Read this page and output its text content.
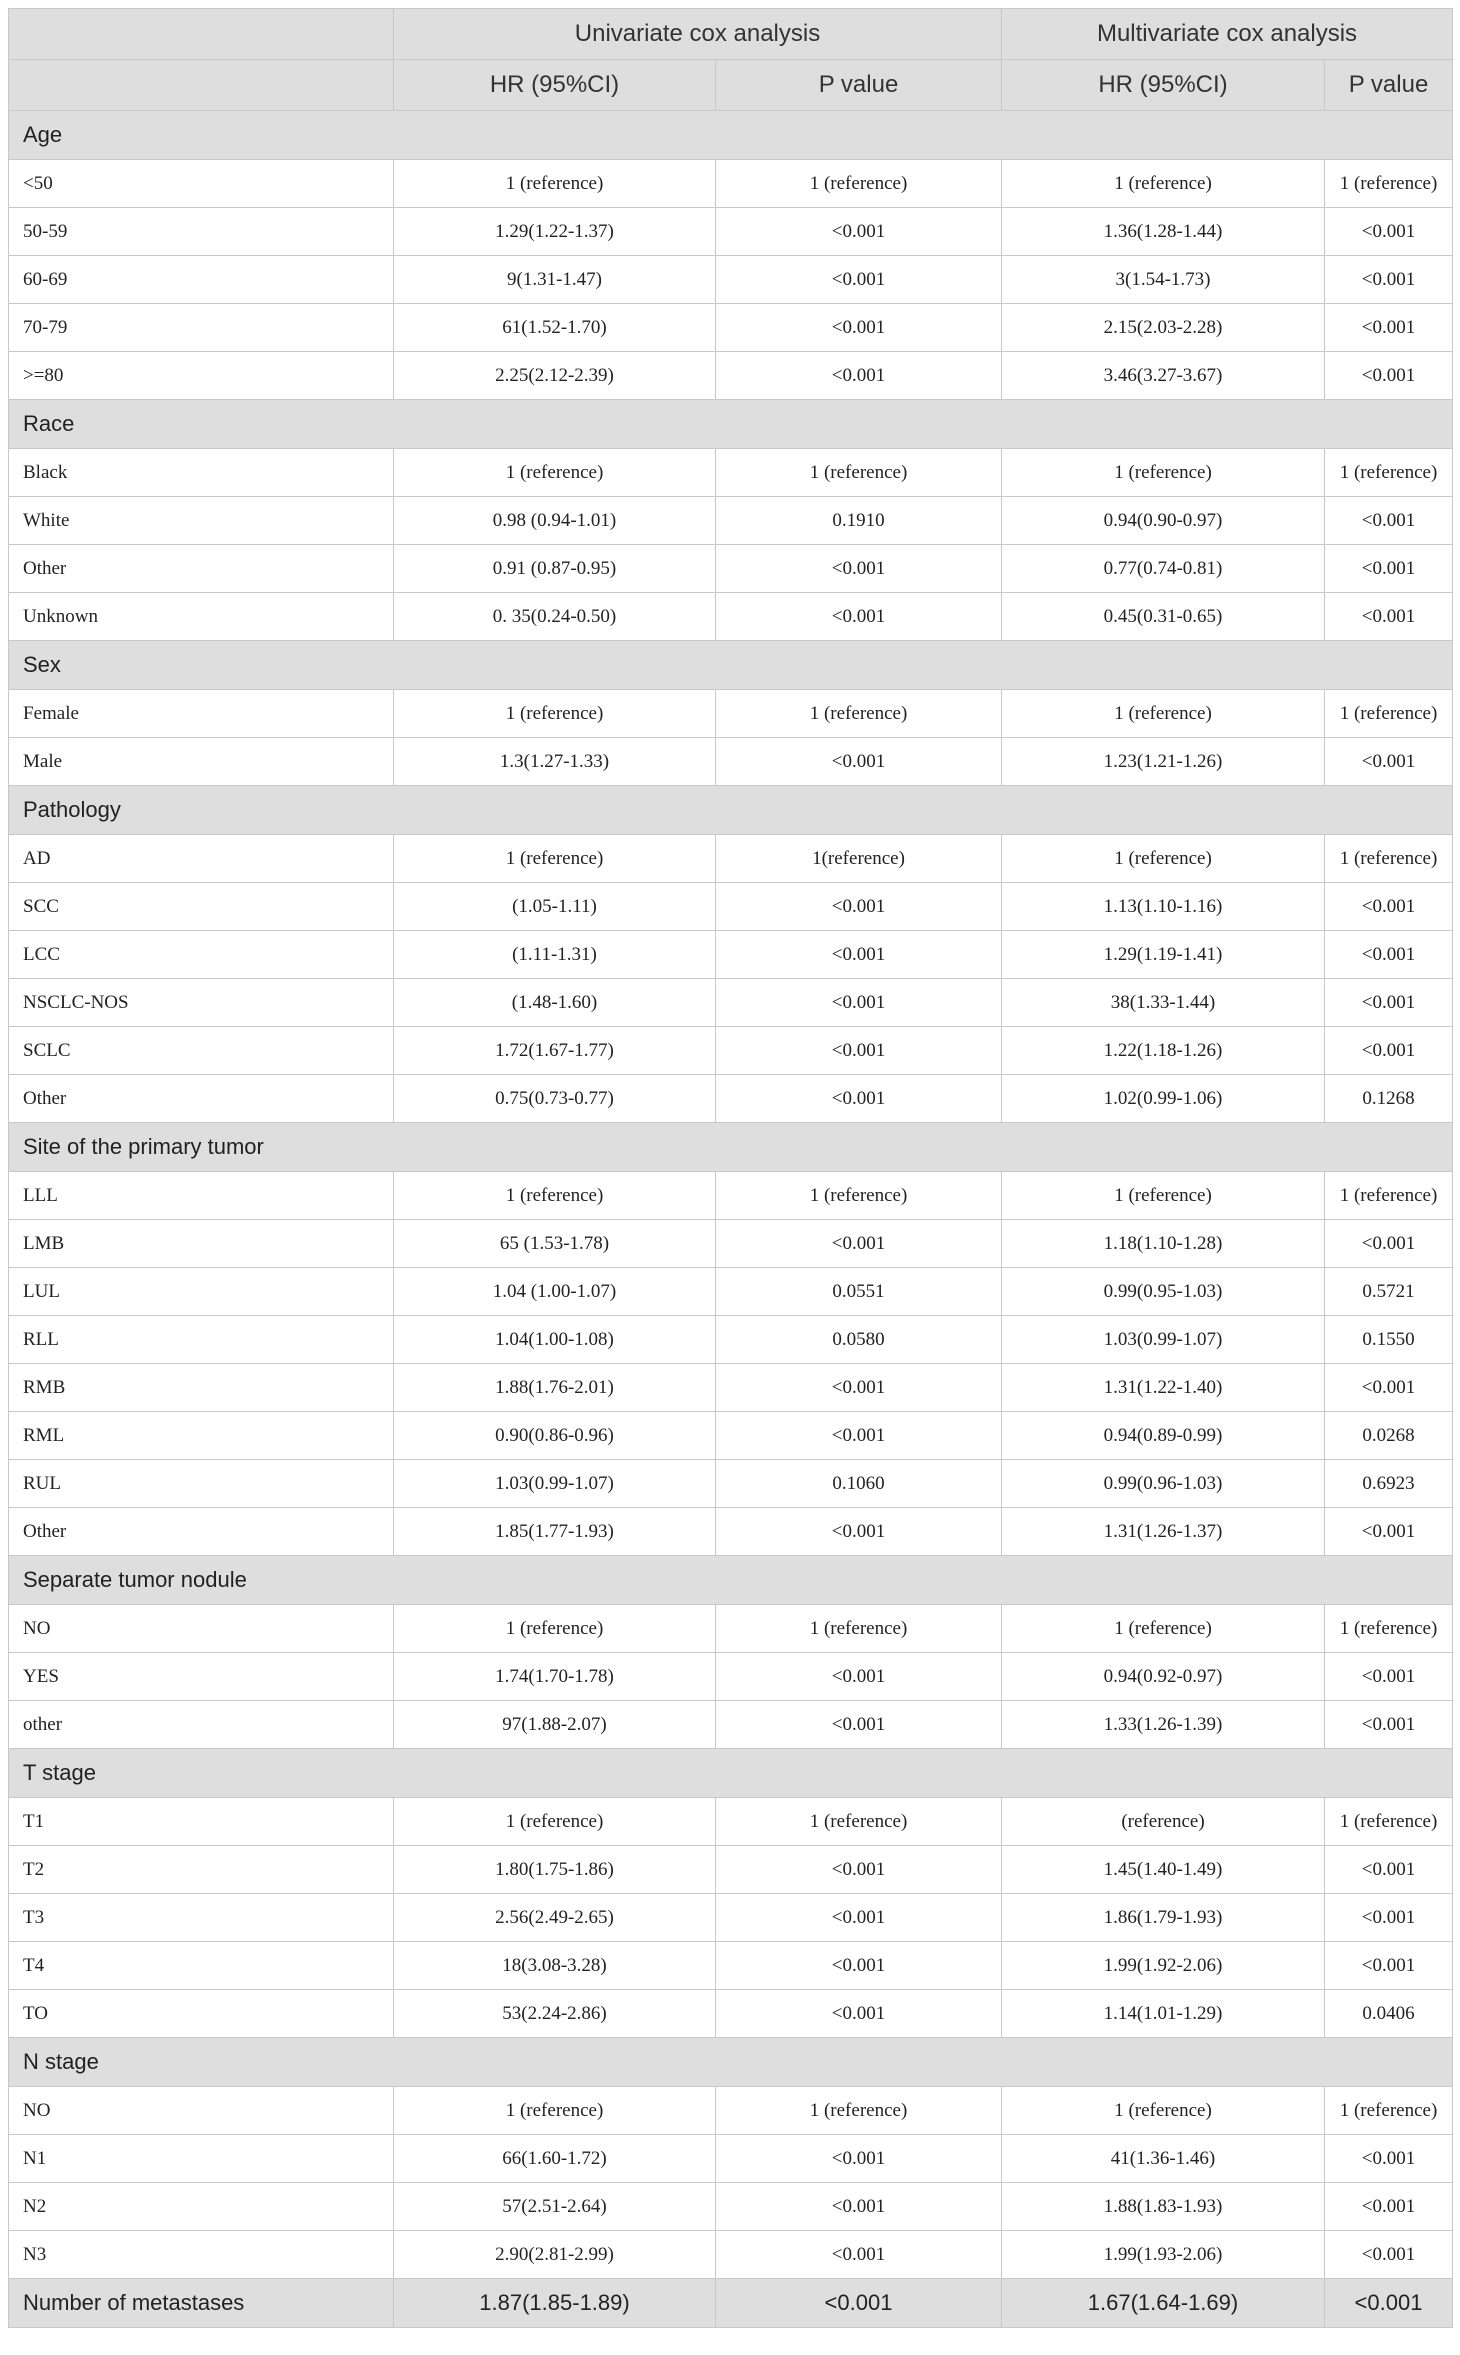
	Univariate cox analysis		Multivariate cox analysis	
	HR (95%CI)	P value	HR (95%CI)	P value
Age				
<50	1 (reference)	1 (reference)	1 (reference)	1 (reference)
50-59	1.29(1.22-1.37)	<0.001	1.36(1.28-1.44)	<0.001
60-69	9(1.31-1.47)	<0.001	3(1.54-1.73)	<0.001
70-79	61(1.52-1.70)	<0.001	2.15(2.03-2.28)	<0.001
>=80	2.25(2.12-2.39)	<0.001	3.46(3.27-3.67)	<0.001
Race				
Black	1 (reference)	1 (reference)	1 (reference)	1 (reference)
White	0.98 (0.94-1.01)	0.1910	0.94(0.90-0.97)	<0.001
Other	0.91 (0.87-0.95)	<0.001	0.77(0.74-0.81)	<0.001
Unknown	0. 35(0.24-0.50)	<0.001	0.45(0.31-0.65)	<0.001
Sex				
Female	1 (reference)	1 (reference)	1 (reference)	1 (reference)
Male	1.3(1.27-1.33)	<0.001	1.23(1.21-1.26)	<0.001
Pathology				
AD	1 (reference)	1(reference)	1 (reference)	1 (reference)
SCC	(1.05-1.11)	<0.001	1.13(1.10-1.16)	<0.001
LCC	(1.11-1.31)	<0.001	1.29(1.19-1.41)	<0.001
NSCLC-NOS	(1.48-1.60)	<0.001	38(1.33-1.44)	<0.001
SCLC	1.72(1.67-1.77)	<0.001	1.22(1.18-1.26)	<0.001
Other	0.75(0.73-0.77)	<0.001	1.02(0.99-1.06)	0.1268
Site of the primary tumor				
LLL	1 (reference)	1 (reference)	1 (reference)	1 (reference)
LMB	65 (1.53-1.78)	<0.001	1.18(1.10-1.28)	<0.001
LUL	1.04 (1.00-1.07)	0.0551	0.99(0.95-1.03)	0.5721
RLL	1.04(1.00-1.08)	0.0580	1.03(0.99-1.07)	0.1550
RMB	1.88(1.76-2.01)	<0.001	1.31(1.22-1.40)	<0.001
RML	0.90(0.86-0.96)	<0.001	0.94(0.89-0.99)	0.0268
RUL	1.03(0.99-1.07)	0.1060	0.99(0.96-1.03)	0.6923
Other	1.85(1.77-1.93)	<0.001	1.31(1.26-1.37)	<0.001
Separate tumor nodule				
NO	1 (reference)	1 (reference)	1 (reference)	1 (reference)
YES	1.74(1.70-1.78)	<0.001	0.94(0.92-0.97)	<0.001
other	97(1.88-2.07)	<0.001	1.33(1.26-1.39)	<0.001
T stage				
T1	1 (reference)	1 (reference)	(reference)	1 (reference)
T2	1.80(1.75-1.86)	<0.001	1.45(1.40-1.49)	<0.001
T3	2.56(2.49-2.65)	<0.001	1.86(1.79-1.93)	<0.001
T4	18(3.08-3.28)	<0.001	1.99(1.92-2.06)	<0.001
TO	53(2.24-2.86)	<0.001	1.14(1.01-1.29)	0.0406
N stage				
NO	1 (reference)	1 (reference)	1 (reference)	1 (reference)
N1	66(1.60-1.72)	<0.001	41(1.36-1.46)	<0.001
N2	57(2.51-2.64)	<0.001	1.88(1.83-1.93)	<0.001
N3	2.90(2.81-2.99)	<0.001	1.99(1.93-2.06)	<0.001
Number of metastases	1.87(1.85-1.89)	<0.001	1.67(1.64-1.69)	<0.001
